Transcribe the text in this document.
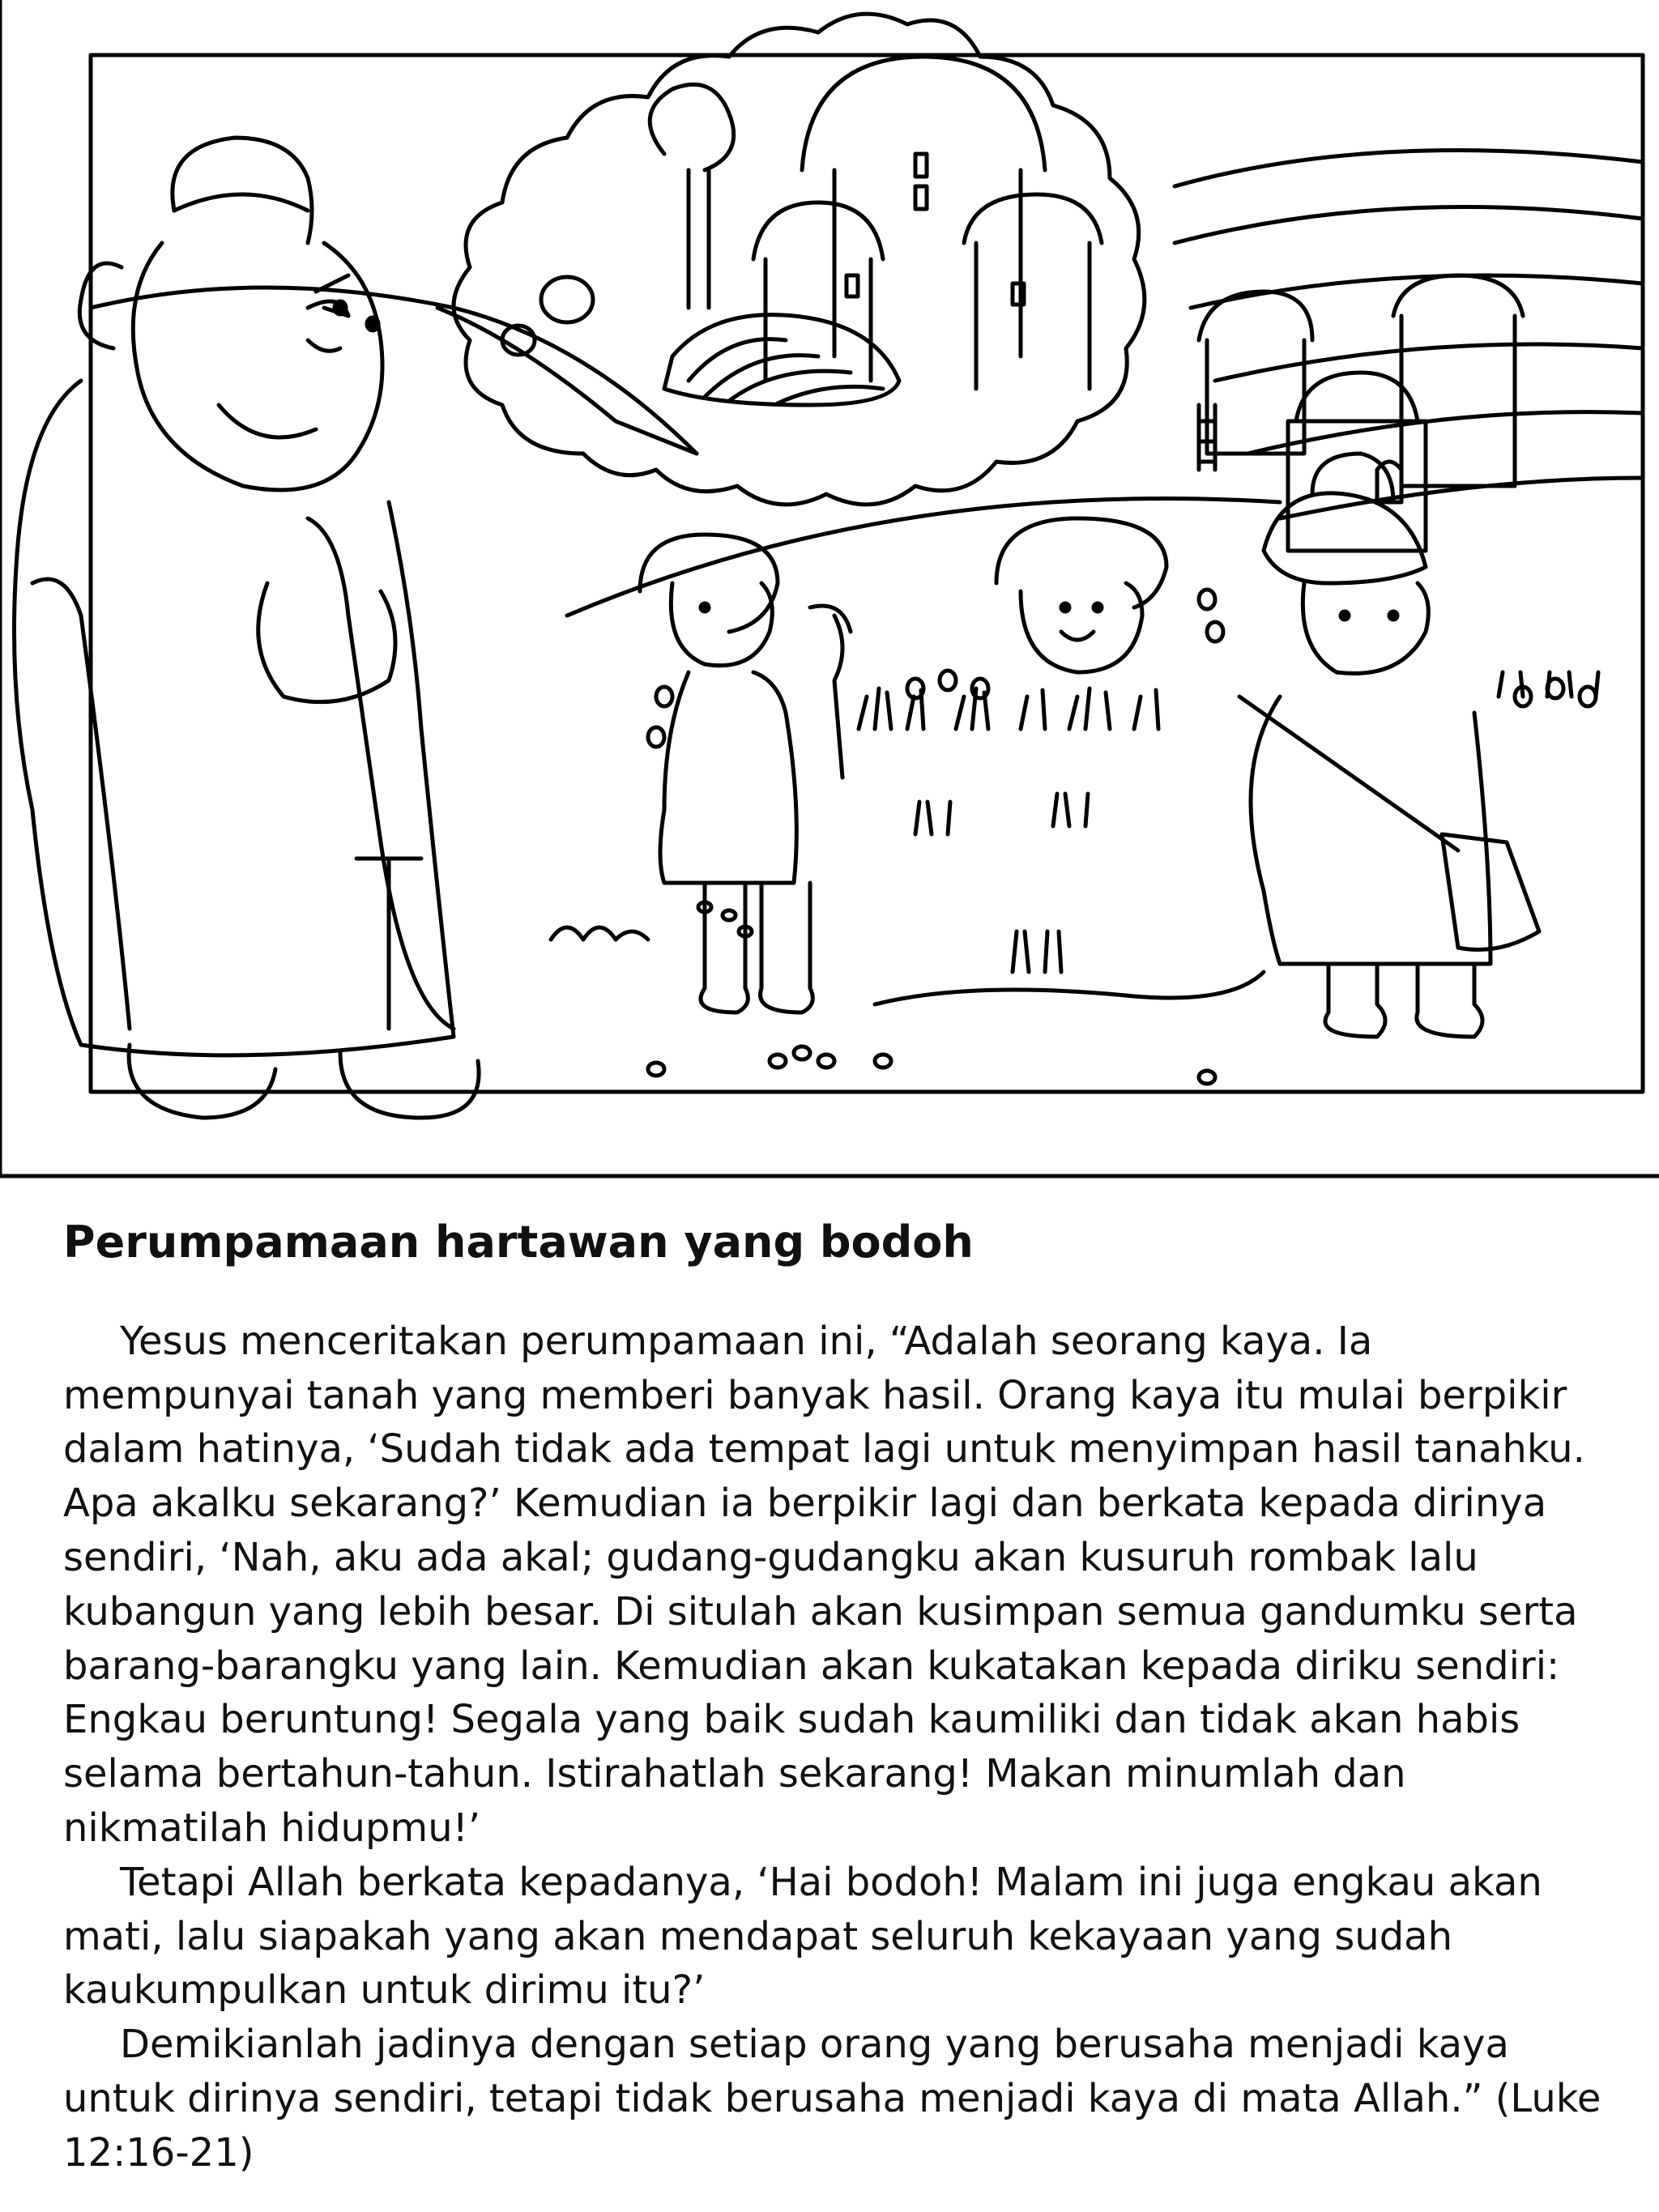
Perumpamaan hartawan yang bodoh

Yesus menceritakan perumpamaan ini, “Adalah seorang kaya. Ia mempunyai tanah yang memberi banyak hasil. Orang kaya itu mulai berpikir dalam hatinya, ‘Sudah tidak ada tempat lagi untuk menyimpan hasil tanahku. Apa akalku sekarang?’ Kemudian ia berpikir lagi dan berkata kepada dirinya sendiri, ‘Nah, aku ada akal; gudang-gudangku akan kusuruh rombak lalu kubangun yang lebih besar. Di situlah akan kusimpan semua gandumku serta barang-barangku yang lain. Kemudian akan kukatakan kepada diriku sendiri: Engkau beruntung! Segala yang baik sudah kaumiliki dan tidak akan habis selama bertahun-tahun. Istirahatlah sekarang! Makan minumlah dan nikmatilah hidupmu!’

Tetapi Allah berkata kepadanya, ‘Hai bodoh! Malam ini juga engkau akan mati, lalu siapakah yang akan mendapat seluruh kekayaan yang sudah kaukumpulkan untuk dirimu itu?’

Demikianlah jadinya dengan setiap orang yang berusaha menjadi kaya untuk dirinya sendiri, tetapi tidak berusaha menjadi kaya di mata Allah.” (Luke 12:16-21)
